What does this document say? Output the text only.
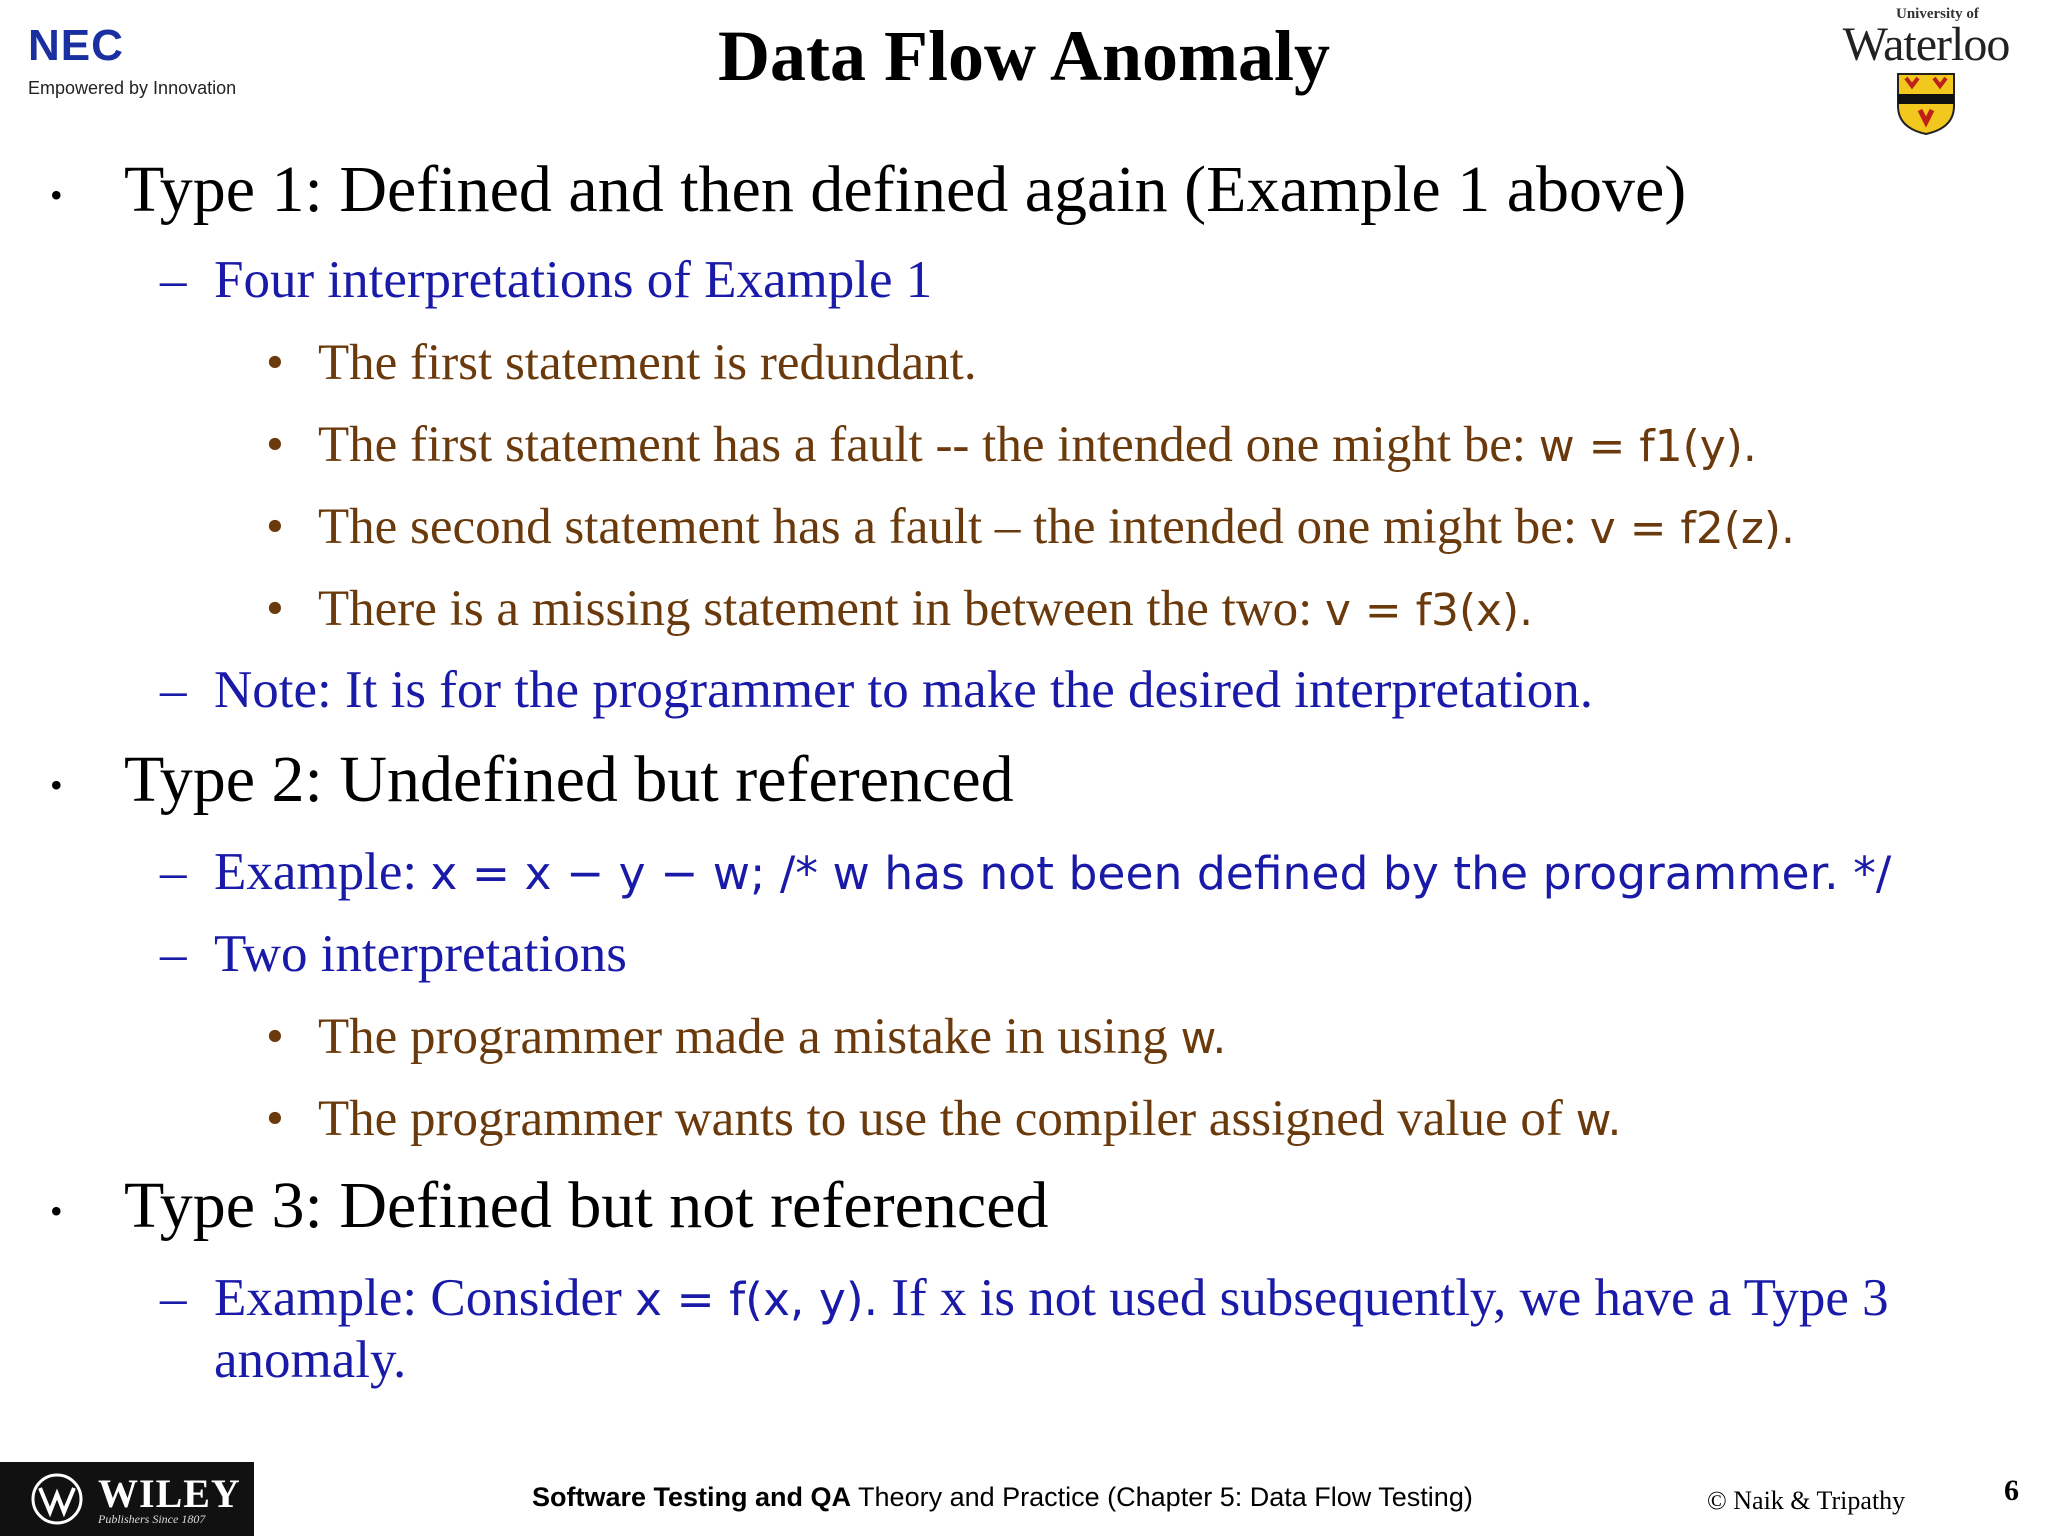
NEC
Empowered by Innovation	Data Flow Anomaly
University of
Waterloo
• Type 1: Defined and then defined again (Example 1 above)
– Four interpretations of Example 1
• The first statement is redundant.
• The first statement has a fault -- the intended one might be: w = f1(y).
• The second statement has a fault – the intended one might be: v = f2(z).
• There is a missing statement in between the two: v = f3(x).
– Note: It is for the programmer to make the desired interpretation.
• Type 2: Undefined but referenced
– Example: x = x − y − w; /* w has not been defined by the programmer. */
– Two interpretations
• The programmer made a mistake in using w.
• The programmer wants to use the compiler assigned value of w.
• Type 3: Defined but not referenced
– Example: Consider x = f(x, y). If x is not used subsequently, we have a Type 3
anomaly.
WILEY
Publishers Since 1807
Software Testing and QA Theory and Practice (Chapter 5: Data Flow Testing)	© Naik & Tripathy	6
